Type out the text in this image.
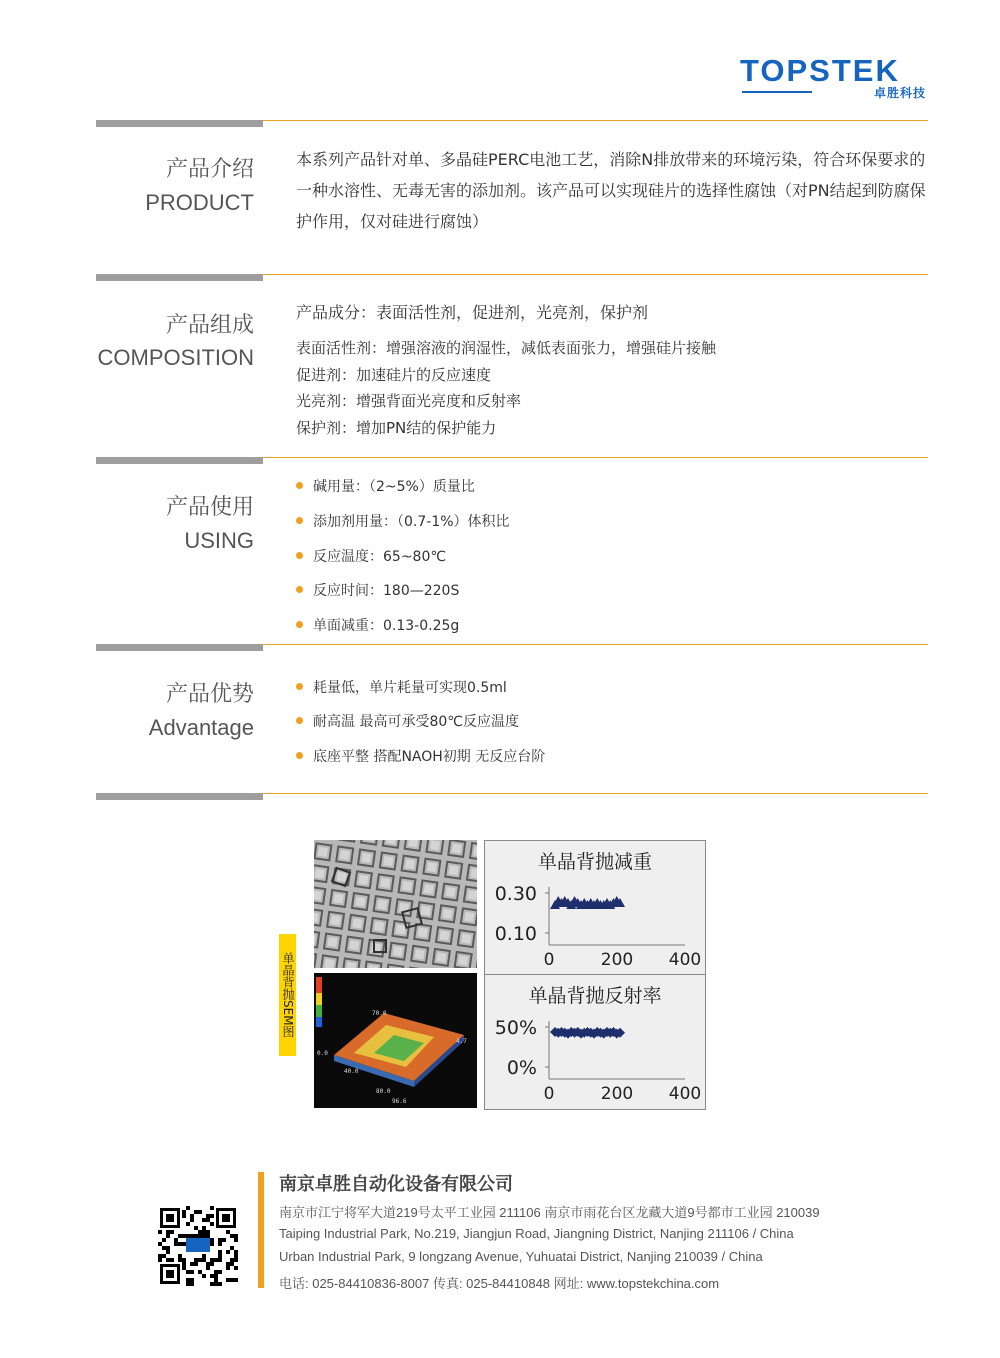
TOPSTEK
卓胜科技
产品介绍
PRODUCT
本系列产品针对单、多晶硅PERC电池工艺，消除N排放带来的环境污染，符合环保要求的一种水溶性、无毒无害的添加剂。该产品可以实现硅片的选择性腐蚀（对PN结起到防腐保护作用，仅对硅进行腐蚀）
产品组成
COMPOSITION
产品成分：表面活性剂，促进剂，光亮剂，保护剂
表面活性剂：增强溶液的润湿性，减低表面张力，增强硅片接触
促进剂：加速硅片的反应速度
光亮剂：增强背面光亮度和反射率
保护剂：增加PN结的保护能力
产品使用
USING
碱用量：（2~5%）质量比
添加剂用量：（0.7-1%）体积比
反应温度：65~80℃
反应时间：180—220S
单面减重：0.13-0.25g
产品优势
Advantage
耗量低，单片耗量可实现0.5ml
耐高温 最高可承受80℃反应温度
底座平整 搭配NAOH初期 无反应台阶
单晶背抛SEM图	70.0
0.0
40.0
80.0
96.6
4.7
单晶背抛减重
0.30
0.10
0	200 400
单晶背抛反射率
50%
0%
0	200 400
南京卓胜自动化设备有限公司
南京市江宁将军大道219号太平工业园 211106 南京市雨花台区龙藏大道9号都市工业园 210039
Taiping Industrial Park, No.219, Jiangjun Road, Jiangning District, Nanjing 211106 / China
Urban Industrial Park, 9 longzang Avenue, Yuhuatai District, Nanjing 210039 / China
电话: 025-84410836-8007 传真: 025-84410848 网址: www.topstekchina.com
